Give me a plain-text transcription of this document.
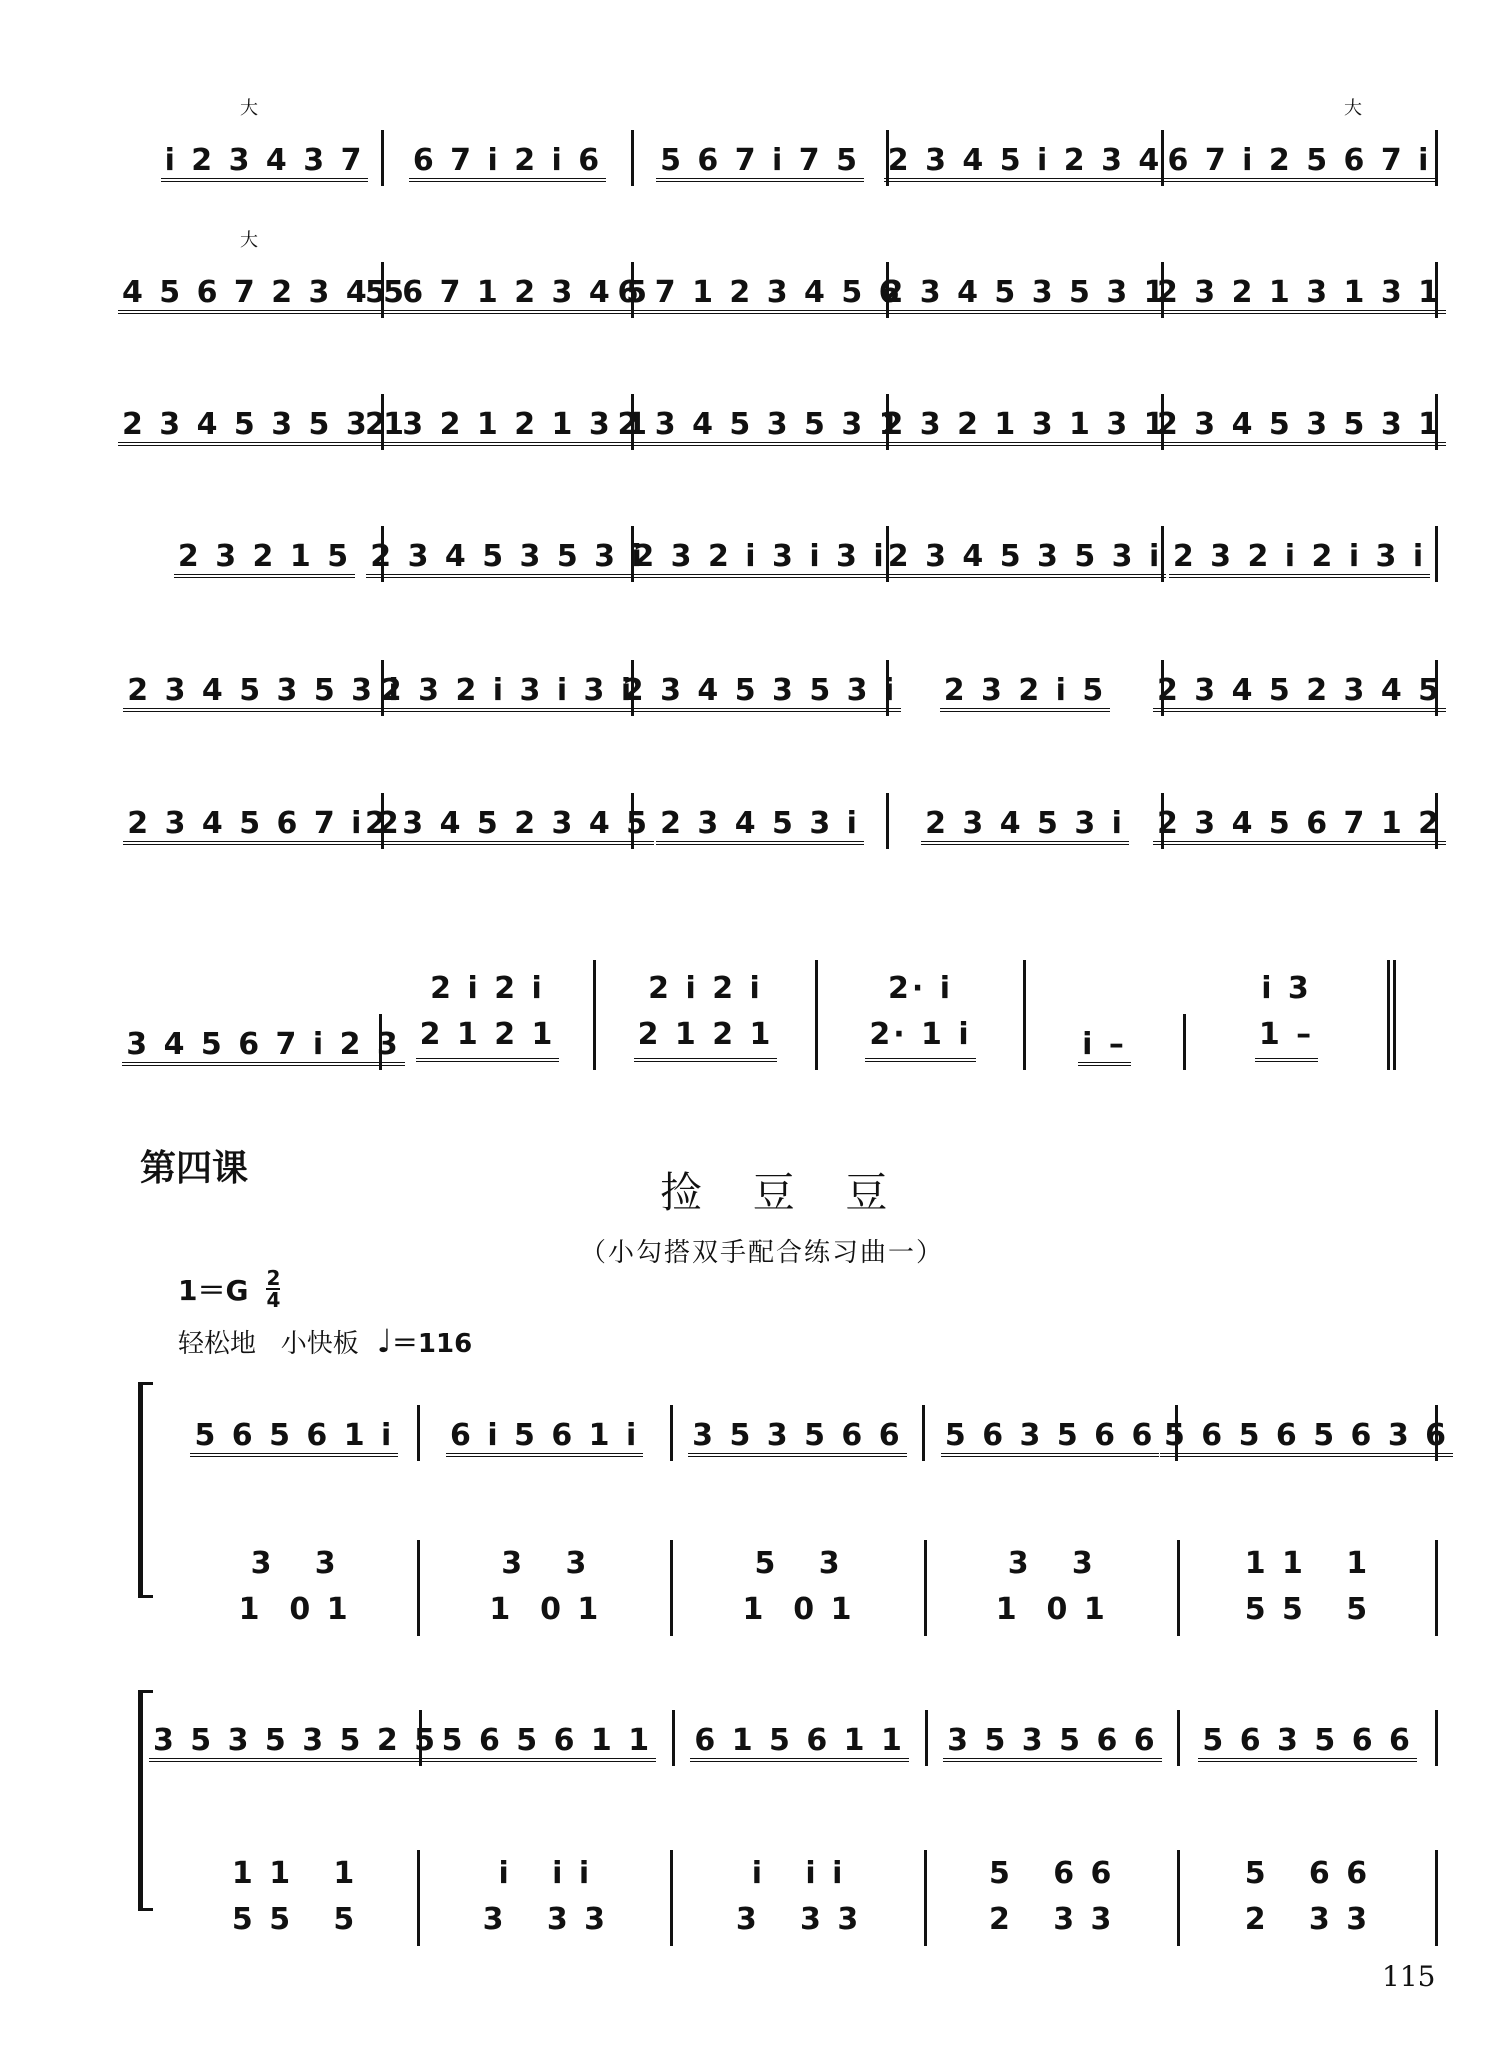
i 2 3 4 3 7 6 7 i 2 i 6 5 6 7 i 7 5 2 3 4 5 i 2 3 4 6 7 i 2 5 6 7 i
大	大
4 5 6 7 2 3 4 5
5 6 7 1 2 3 4 5
6 7 1 2 3 4 5 6
2 3 4 5 3 5 3 1
2 3 2 1 3 1 3 1
大
2 3 4 5 3 5 3 1
2 3 2 1 2 1 3 1
2 3 4 5 3 5 3 1
2 3 2 1 3 1 3 1
2 3 4 5 3 5 3 1
2 3 2 1 5 2 3 4 5 3 5 3 i
2 3 2 i 3 i 3 i 2 3 4 5 3 5 3 i 2 3 2 i 2 i 3 i
2 3 4 5 3 5 3 i
2 3 2 i 3 i 3 i
2 3 4 5 3 5 3 i 2 3 2 i 5 2 3 4 5 2 3 4 5
2 3 4 5 6 7 i 2
2 3 4 5 2 3 4 5 2 3 4 5 3 i 2 3 4 5 3 i 2 3 4 5 6 7 1 2
3 4 5 6 7 i 2 3
2 i 2 i
2 1 2 1
2 i 2 i
2 1 2 1
2· i
2· 1 i	i –
i 3
1 –
第四课	捡  豆  豆
（小勾搭双手配合练习曲一）
1＝G 2
4
轻松地   小快板 ♩ ＝116
5 6 5 6 1 i 6 i 5 6 1 i 3 5 3 5 6 6 5 6 3 5 6 6 5 6 5 6 5 6 3 6
3   3
1  0 1
3   3
1  0 1
5   3
1  0 1
3   3
1  0 1
1 1   1
5 5   5
3 5 3 5 3 5 2 5 5 6 5 6 1 1 6 1 5 6 1 1 3 5 3 5 6 6 5 6 3 5 6 6
1 1   1
5 5   5
i   i i
3   3 3
i   i i
3   3 3
5   6 6
2   3 3
5   6 6
2   3 3
115
